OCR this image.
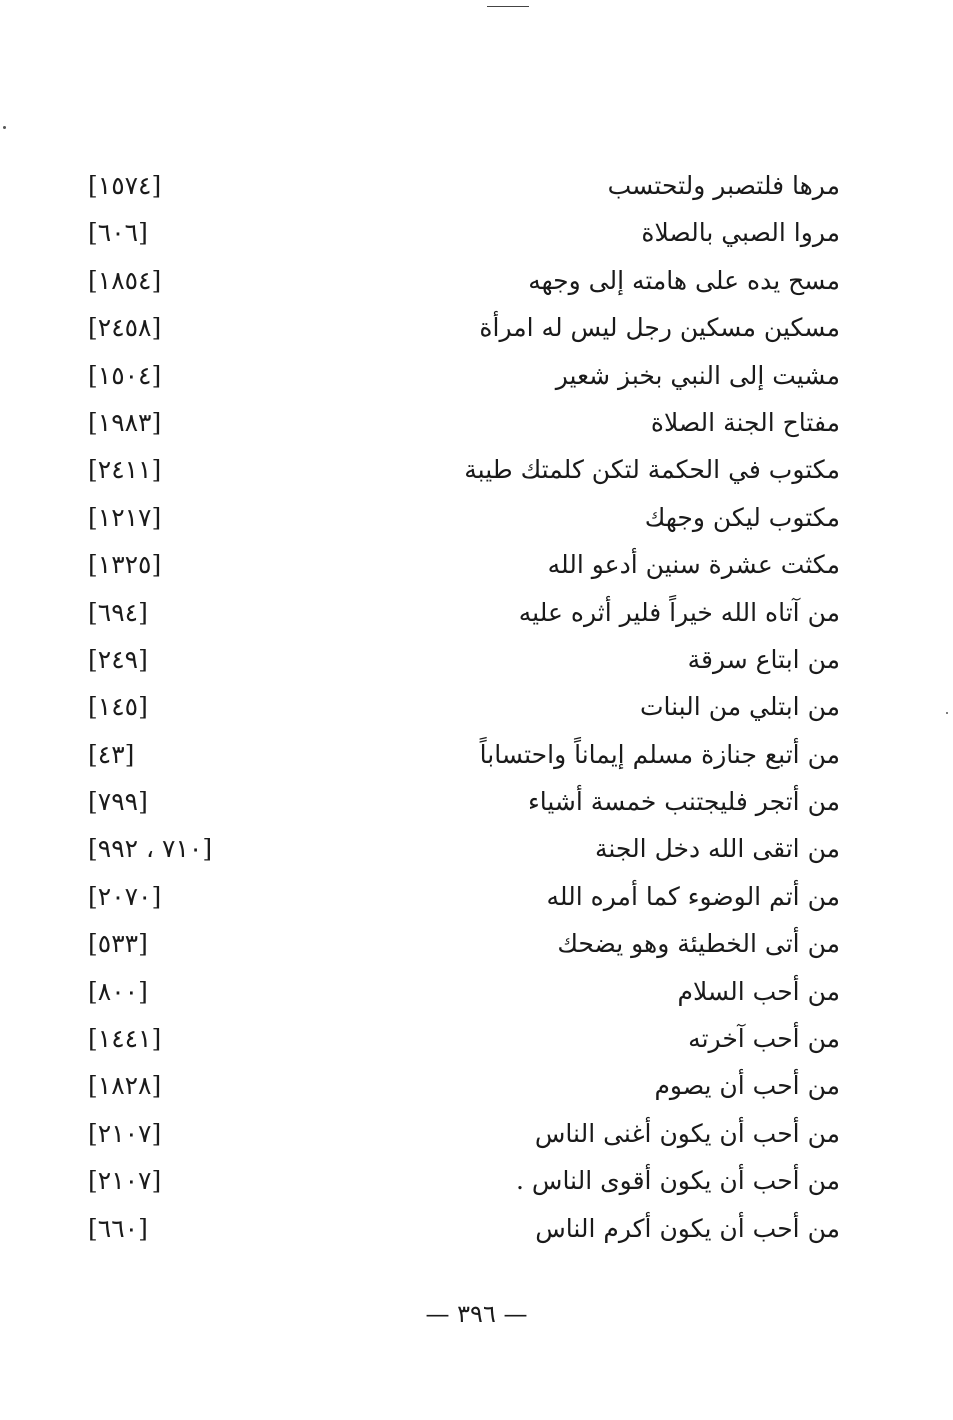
مرها فلتصبر ولتحتسب
[١٥٧٤]
مروا الصبي بالصلاة
[٦٠٦]
مسح يده على هامته إلى وجهه
[١٨٥٤]
مسكين مسكين رجل ليس له امرأة
[٢٤٥٨]
مشيت إلى النبي بخبز شعير
[١٥٠٤]
مفتاح الجنة الصلاة
[١٩٨٣]
مكتوب في الحكمة لتكن كلمتك طيبة
[٢٤١١]
مكتوب ليكن وجهك
[١٢١٧]
مكثت عشرة سنين أدعو الله
[١٣٢٥]
من آتاه الله خيراً فلير أثره عليه
[٦٩٤]
من ابتاع سرقة
[٢٤٩]
من ابتلي من البنات
[١٤٥]
من أتبع جنازة مسلم إيماناً واحتساباً
[٤٣]
من أتجر فليجتنب خمسة أشياء
[٧٩٩]
من اتقى الله دخل الجنة
[٧١٠ ، ٩٩٢]
من أتم الوضوء كما أمره الله
[٢٠٧٠]
من أتى الخطيئة وهو يضحك
[٥٣٣]
من أحب السلام
[٨٠٠]
من أحب آخرته
[١٤٤١]
من أحب أن يصوم
[١٨٢٨]
من أحب أن يكون أغنى الناس
[٢١٠٧]
من أحب أن يكون أقوى الناس .
[٢١٠٧]
من أحب أن يكون أكرم الناس
[٦٦٠]
— ٣٩٦ —
